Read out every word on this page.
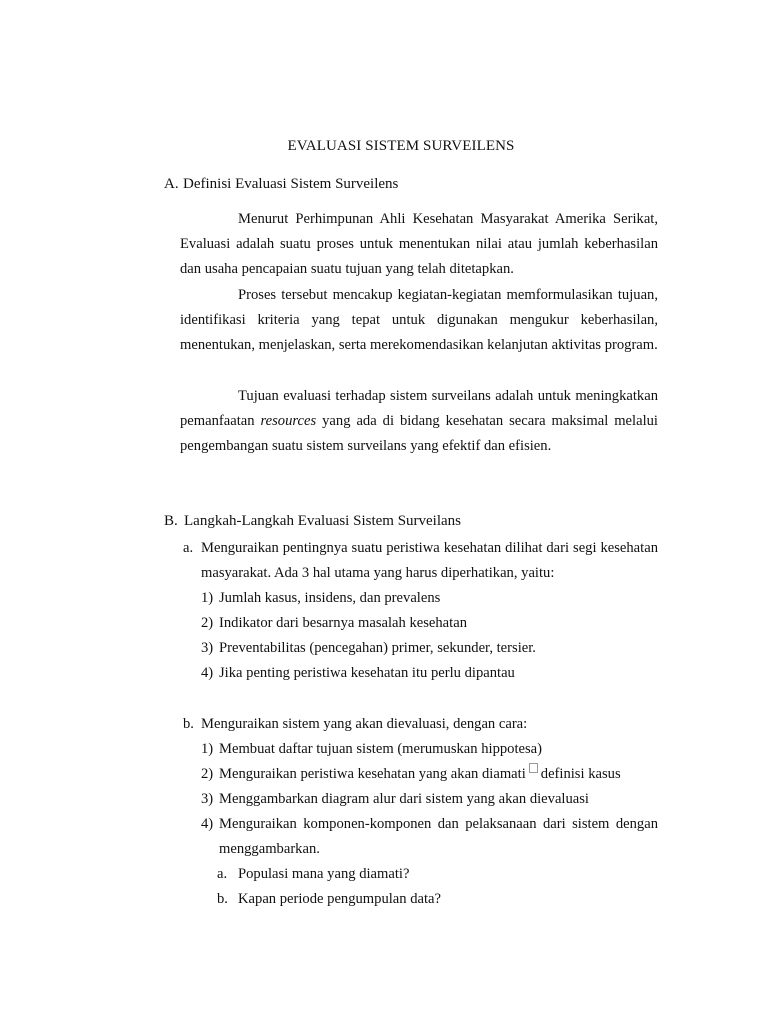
EVALUASI SISTEM SURVEILENS
A. Definisi Evaluasi Sistem Surveilens

Menurut Perhimpunan Ahli Kesehatan Masyarakat Amerika Serikat, Evaluasi adalah suatu proses untuk menentukan nilai atau jumlah keberhasilan dan usaha pencapaian suatu tujuan yang telah ditetapkan.

Proses tersebut mencakup kegiatan-kegiatan memformulasikan tujuan, identifikasi kriteria yang tepat untuk digunakan mengukur keberhasilan, menentukan, menjelaskan, serta merekomendasikan kelanjutan aktivitas program.

Tujuan evaluasi terhadap sistem surveilans adalah untuk meningkatkan pemanfaatan resources yang ada di bidang kesehatan secara maksimal melalui pengembangan suatu sistem surveilans yang efektif dan efisien.

B. Langkah-Langkah Evaluasi Sistem Surveilans
a. Menguraikan pentingnya suatu peristiwa kesehatan dilihat dari segi kesehatan masyarakat. Ada 3 hal utama yang harus diperhatikan, yaitu:

1) Jumlah kasus, insidens, dan prevalens
2) Indikator dari besarnya masalah kesehatan
3) Preventabilitas (pencegahan) primer, sekunder, tersier.
4) Jika penting peristiwa kesehatan itu perlu dipantau
b. Menguraikan sistem yang akan dievaluasi, dengan cara:
1) Membuat daftar tujuan sistem (merumuskan hippotesa)
2) Menguraikan peristiwa kesehatan yang akan diamati definisi kasus
3) Menggambarkan diagram alur dari sistem yang akan dievaluasi
4) Menguraikan komponen-komponen dan pelaksanaan dari sistem dengan menggambarkan.

a. Populasi mana yang diamati?
b. Kapan periode pengumpulan data?
